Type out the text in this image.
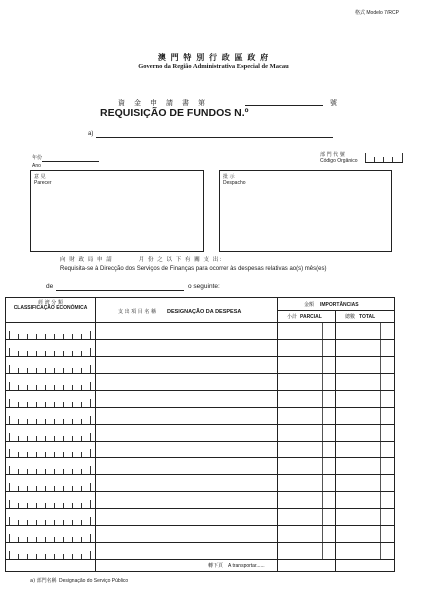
格式 Modelo 7/RCP
澳 門 特 別 行 政 區 政 府
Governo da Região Administrativa Especial de Macau
資　金　申　請　書　第	號
REQUISIÇÃO DE FUNDOS N.º
a)
年份
Ano
部 門 代 號
Código Orgânico
意 見
Parecer
批 示
Despacho
向 財 政 局 申 請　　　　月 份 之 以 下 有 關 支 出：
Requisita-se à Direcção dos Serviços de Finanças para ocorrer às despesas relativas ao(s) mês(es)
de	o seguinte:
經 濟 分 類
CLASSIFICAÇÃO ECONÓMICA
支 出 項 目 名 稱 DESIGNAÇÃO DA DESPESA
金額 IMPORTÂNCIAS
小計 PARCIAL	總數 TOTAL
轉下頁 A transportar......
a) 部門名稱 Designação do Serviço Público
